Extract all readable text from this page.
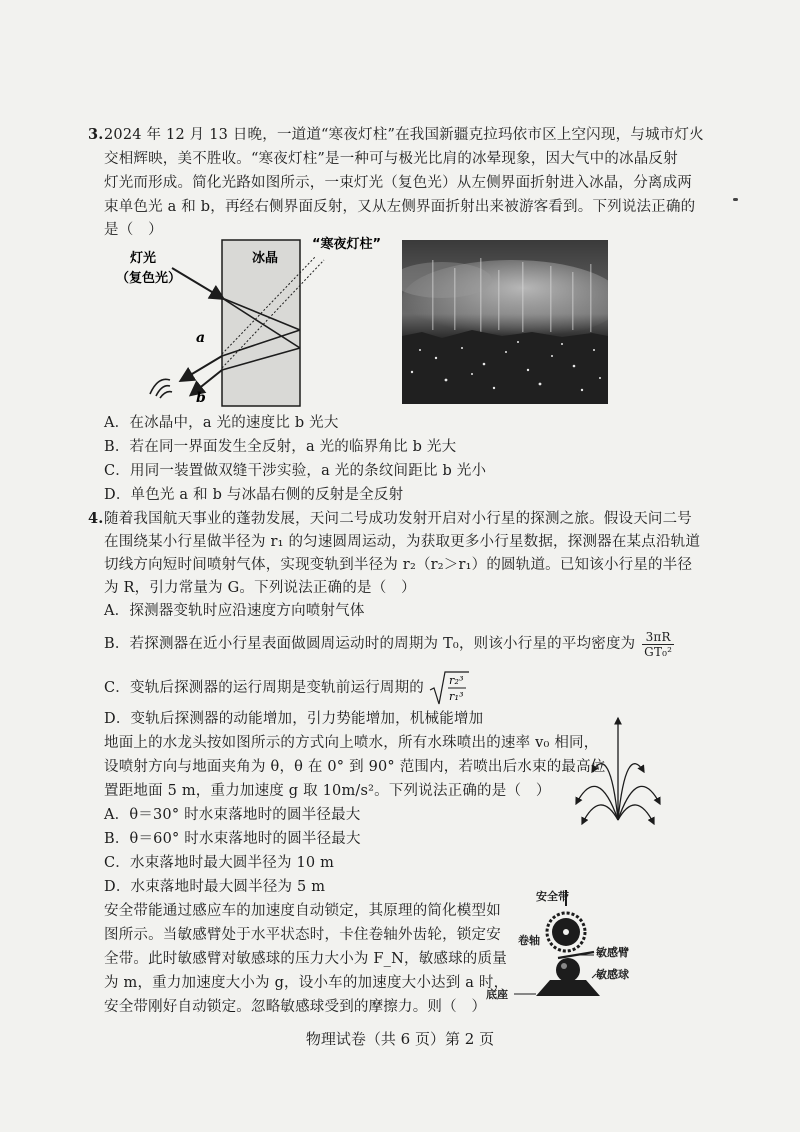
3. 2024 年 12 月 13 日晚，一道道“寒夜灯柱”在我国新疆克拉玛依市区上空闪现，与城市灯火
交相辉映，美不胜收。“寒夜灯柱”是一种可与极光比肩的冰晕现象，因大气中的冰晶反射
灯光而形成。简化光路如图所示，一束灯光（复色光）从左侧界面折射进入冰晶，分离成两
束单色光 a 和 b，再经右侧界面反射，又从左侧界面折射出来被游客看到。下列说法正确的
是（　）
冰晶
灯光
（复色光）
“寒夜灯柱”
a
b
A．在冰晶中，a 光的速度比 b 光大
B．若在同一界面发生全反射，a 光的临界角比 b 光大
C．用同一装置做双缝干涉实验，a 光的条纹间距比 b 光小
D．单色光 a 和 b 与冰晶右侧的反射是全反射
4. 随着我国航天事业的蓬勃发展，天问二号成功发射开启对小行星的探测之旅。假设天问二号
在围绕某小行星做半径为 r₁ 的匀速圆周运动，为获取更多小行星数据，探测器在某点沿轨道
切线方向短时间喷射气体，实现变轨到半径为 r₂（r₂＞r₁）的圆轨道。已知该小行星的半径
为 R，引力常量为 G。下列说法正确的是（　）
A．探测器变轨时应沿速度方向喷射气体
B．若探测器在近小行星表面做圆周运动时的周期为 T₀，则该小行星的平均密度为 $\frac{3\pi R}{\text{GT₀²}}$
C．变轨后探测器的运行周期是变轨前运行周期的 r₂³
r₁³
D．变轨后探测器的动能增加，引力势能增加，机械能增加
地面上的水龙头按如图所示的方式向上喷水，所有水珠喷出的速率 v₀ 相同，
设喷射方向与地面夹角为 θ，θ 在 0° 到 90° 范围内，若喷出后水束的最高位
置距地面 5 m，重力加速度 g 取 10m/s²。下列说法正确的是（　）
A．θ＝30° 时水束落地时的圆半径最大
B．θ＝60° 时水束落地时的圆半径最大
C．水束落地时最大圆半径为 10 m
D．水束落地时最大圆半径为 5 m
安全带能通过感应车的加速度自动锁定，其原理的简化模型如
图所示。当敏感臂处于水平状态时，卡住卷轴外齿轮，锁定安
全带。此时敏感臂对敏感球的压力大小为 F_N，敏感球的质量
为 m，重力加速度大小为 g，设小车的加速度大小达到 a 时，
安全带刚好自动锁定。忽略敏感球受到的摩擦力。则（　）
安全带
卷轴
敏感臂
敏感球
底座
物理试卷（共 6 页）第 2 页
